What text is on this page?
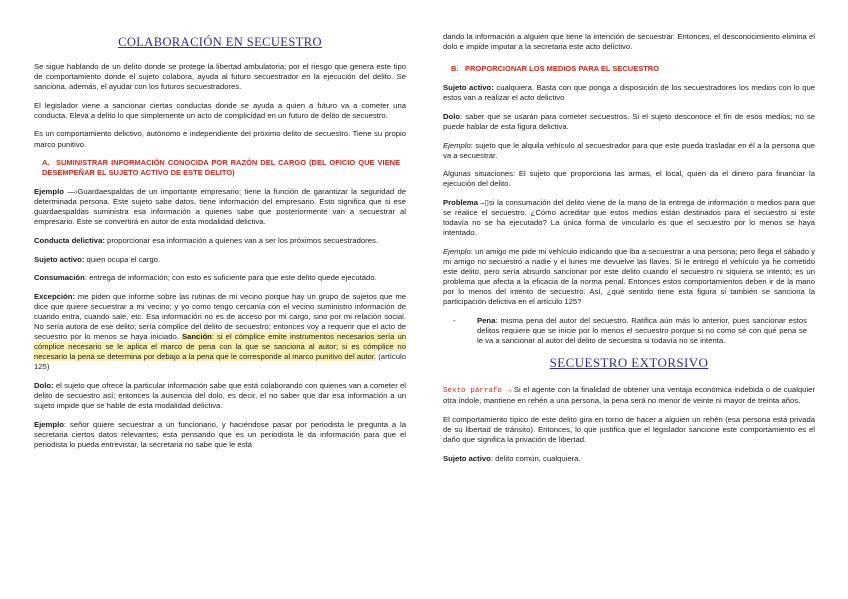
COLABORACIÓN EN SECUESTRO

Se sigue hablando de un delito donde se protege la libertad ambulatoria; por el riesgo que genera este tipo de comportamiento donde el sujeto colabora, ayuda al futuro secuestrador en la ejecución del delito. Se sanciona, además, el ayudar con los futuros secuestradores.

El legislador viene a sancionar ciertas conductas donde se ayuda a quien a futuro va a cometer una conducta. Eleva a delito lo que simplemente un acto de complicidad en un futuro de delito de secuestro.

Es un comportamiento delictivo, autónomo e independiente del próximo delito de secuestro. Tiene su propio marco punitivo.

A. SUMINISTRAR INFORMACIÓN CONOCIDA POR RAZÓN DEL CARGO (DEL OFICIO QUE VIENE DESEMPEÑAR EL SUJETO ACTIVO DE ESTE DELITO)

Ejemplo —›Guardaespaldas de un importante empresario; tiene la función de garantizar la seguridad de determinada persona. Este sujeto sabe datos, tiene información del empresario. Esto significa que si ese guardaespaldas suministra esa información a quienes sabe que posteriormente van a secuestrar al empresario. Este se convertirá en autor de esta modalidad delictiva.

Conducta delictiva: proporcionar esa información a quienes van a ser los próximos secuestradores.

Sujeto activo: quien ocupa el cargo.

Consumación: entrega de información; con esto es suficiente para que este delito quede ejecutado.

Excepción: me piden que informe sobre las rutinas de mi vecino porque hay un grupo de sujetos que me dice que quiere secuestrar a mi vecino; y yo como tengo cercanía con el vecino suministro información de cuando entra, cuando sale, etc. Esa información no es de acceso por mi cargo, sino por mi relación social. No sería autora de ese delito; sería cómplice del delito de secuestro; entonces voy a requerir que el acto de secuestro por lo menos se haya iniciado. Sanción: si el cómplice emite instrumentos necesarios sería un cómplice necesario se le aplica el marco de pena con la que se sanciona al autor; si es cómplice no necesario la pena se determina por debajo a la pena que le corresponde al marco punitivo del autor. (artículo 125)

Dolo: el sujeto que ofrece la particular información sabe que está colaborando con quienes van a cometer el delito de secuestro así; entonces la ausencia del dolo, es decir, el no saber que dar esa información a un sujeto impide que se hable de esta modalidad delictiva.

Ejemplo: señor quiere secuestrar a un funcionario, y haciéndose pasar por periodista le pregunta a la secretaria ciertos datos relevantes; esta pensando que es un periodista le da información para que el periodista lo pueda entrevistar, la secretaria no sabe que le está

dando la información a alguien que tiene la intención de secuestrar. Entonces, el desconocimiento elimina el dolo e impide imputar a la secretaria este acto delictivo.

B. PROPORCIONAR LOS MEDIOS PARA EL SECUESTRO

Sujeto activo: cualquiera. Basta con que ponga a disposición de los secuestradores los medios con lo que estos van a realizar el acto delictivo

Dolo: saber que se usarán para cometer secuestros. Si el sujeto desconoce el fin de esos medios; no se puede hablar de esta figura delictiva.

Ejemplo: sujeto que le alquila vehículo al secuestrador para que este pueda trasladar en él a la persona que va a secuestrar.

Algunas situaciones: El sujeto que proporciona las armas, el local, quien da el dinero para financiar la ejecución del delito.

Problema –▯si la consumación del delito viene de la mano de la entrega de información o medios para que se realice el secuestro. ¿Cómo acreditar que estos medios están destinados para el secuestro si este todavía no se ha ejecutado? La única forma de vincularlo es que el secuestro por lo menos se haya intentado.

Ejemplo: un amigo me pide mi vehículo indicando que iba a secuestrar a una persona; pero llega el sábado y mi amigo no secuestró a nadie y el lunes me devuelve las llaves. Si le entrego el vehículo ya he cometido este delito, pero sería absurdo sancionar por este delito cuando el secuestro ni siquiera se intentó; es un problema que afecta a la eficacia de la norma penal. Entonces estos comportamientos deben ir de la mano por lo menos del intento de secuestro. Así, ¿qué sentido tiene esta figura si también se sanciona la participación delictiva en el artículo 125?

-	Pena: misma pena del autor del secuestro. Ratifica aún más lo anterior, pues sancionar estos delitos requiere que se inicie por lo menos el secuestro porque si no como sé con qué pena se le va a sancionar al autor del delito de secuestra si todavía no se intenta.

SECUESTRO EXTORSIVO

Sexto párrafo → Si el agente con la finalidad de obtener una ventaja económica indebida o de cualquier otra índole, mantiene en rehén a una persona, la pena será no menor de veinte ni mayor de treinta años.

El comportamiento típico de este delito gira en torno de hacer a alguien un rehén (esa persona está privada de su libertad de tránsito). Entonces, lo que justifica que el legislador sancione este comportamiento es el daño que significa la privación de libertad.

Sujeto activo: delito común, cualquiera.
